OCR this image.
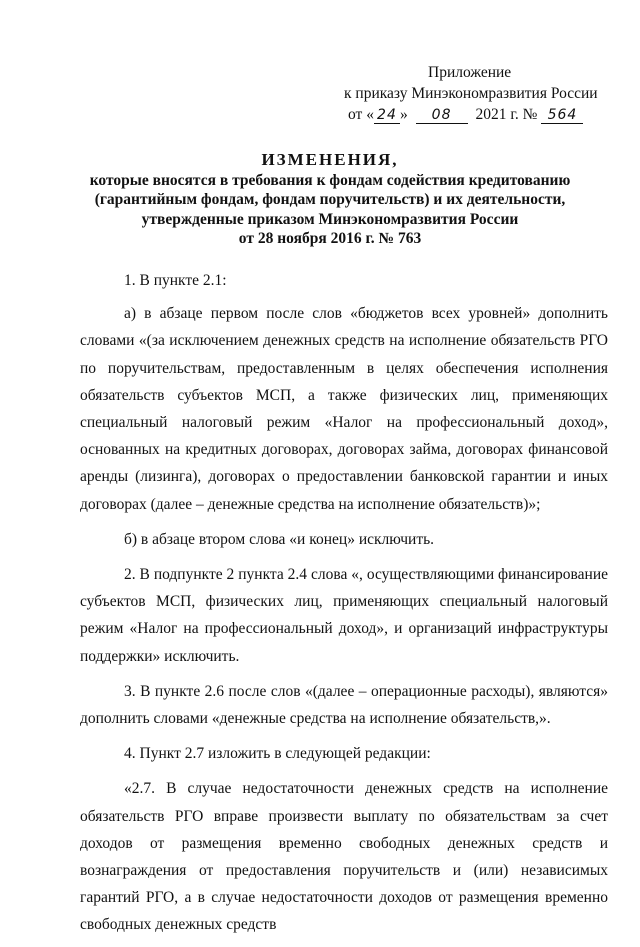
Приложение
к приказу Минэкономразвития России
от « 24 » 08 2021 г. № 564
ИЗМЕНЕНИЯ,
которые вносятся в требования к фондам содействия кредитованию
(гарантийным фондам, фондам поручительств) и их деятельности,
утвержденные приказом Минэкономразвития России
от 28 ноября 2016 г. № 763

1. В пункте 2.1:

а) в абзаце первом после слов «бюджетов всех уровней» дополнить словами «(за исключением денежных средств на исполнение обязательств РГО по поручительствам, предоставленным в целях обеспечения исполнения обязательств субъектов МСП, а также физических лиц, применяющих специальный налоговый режим «Налог на профессиональный доход», основанных на кредитных договорах, договорах займа, договорах финансовой аренды (лизинга), договорах о предоставлении банковской гарантии и иных договорах (далее – денежные средства на исполнение обязательств)»;

б) в абзаце втором слова «и конец» исключить.

2. В подпункте 2 пункта 2.4 слова «, осуществляющими финансирование субъектов МСП, физических лиц, применяющих специальный налоговый режим «Налог на профессиональный доход», и организаций инфраструктуры поддержки» исключить.

3. В пункте 2.6 после слов «(далее – операционные расходы), являются» дополнить словами «денежные средства на исполнение обязательств,».

4. Пункт 2.7 изложить в следующей редакции:

«2.7. В случае недостаточности денежных средств на исполнение обязательств РГО вправе произвести выплату по обязательствам за счет доходов от размещения временно свободных денежных средств и вознаграждения от предоставления поручительств и (или) независимых гарантий РГО, а в случае недостаточности доходов от размещения временно свободных денежных средств
